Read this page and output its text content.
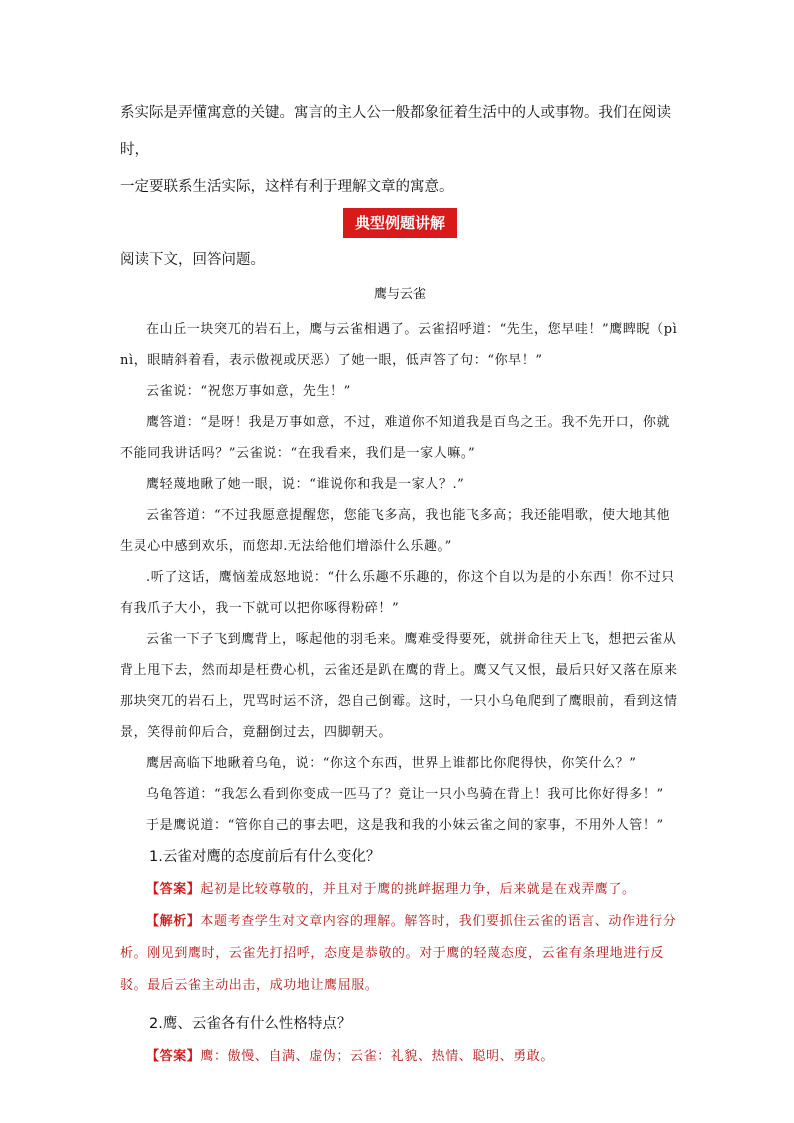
系实际是弄懂寓意的关键。寓言的主人公一般都象征着生活中的人或事物。我们在阅读时，

一定要联系生活实际，这样有利于理解文章的寓意。

典型例题讲解

阅读下文，回答问题。

鹰与云雀

在山丘一块突兀的岩石上，鹰与云雀相遇了。云雀招呼道：“先生，您早哇！”鹰睥睨（pì nì，眼睛斜着看，表示傲视或厌恶）了她一眼，低声答了句：“你早！”

云雀说：“祝您万事如意，先生！”

鹰答道：“是呀！我是万事如意，不过，难道你不知道我是百鸟之王。我不先开口，你就不能同我讲话吗？”云雀说：“在我看来，我们是一家人嘛。”

鹰轻蔑地瞅了她一眼，说：“谁说你和我是一家人？.”

云雀答道：“不过我愿意提醒您，您能飞多高，我也能飞多高；我还能唱歌，使大地其他生灵心中感到欢乐，而您却.无法给他们增添什么乐趣。”

.听了这话，鹰恼羞成怒地说：“什么乐趣不乐趣的，你这个自以为是的小东西！你不过只有我爪子大小，我一下就可以把你啄得粉碎！”

云雀一下子飞到鹰背上，啄起他的羽毛来。鹰难受得要死，就拼命往天上飞，想把云雀从背上甩下去，然而却是枉费心机，云雀还是趴在鹰的背上。鹰又气又恨，最后只好又落在原来那块突兀的岩石上，咒骂时运不济，怨自己倒霉。这时，一只小乌龟爬到了鹰眼前，看到这情景，笑得前仰后合，竟翻倒过去，四脚朝天。

鹰居高临下地瞅着乌龟，说：“你这个东西，世界上谁都比你爬得快，你笑什么？”

乌龟答道：“我怎么看到你变成一匹马了？竟让一只小鸟骑在背上！我可比你好得多！”

于是鹰说道：“管你自己的事去吧，这是我和我的小妹云雀之间的家事，不用外人管！”

1.云雀对鹰的态度前后有什么变化？

【答案】起初是比较尊敬的，并且对于鹰的挑衅据理力争，后来就是在戏弄鹰了。

【解析】本题考查学生对文章内容的理解。解答时，我们要抓住云雀的语言、动作进行分析。刚见到鹰时，云雀先打招呼，态度是恭敬的。对于鹰的轻蔑态度，云雀有条理地进行反驳。最后云雀主动出击，成功地让鹰屈服。

2.鹰、云雀各有什么性格特点？

【答案】鹰：傲慢、自满、虚伪；云雀：礼貌、热情、聪明、勇敢。
